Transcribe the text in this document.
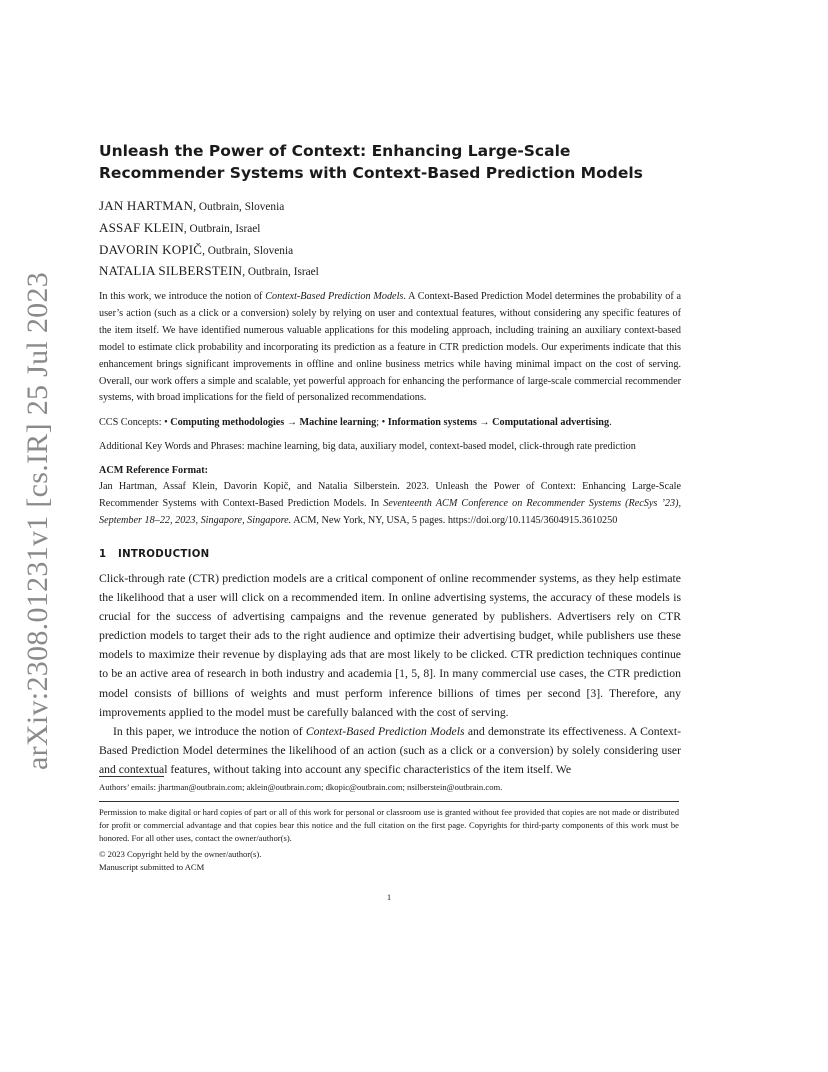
arXiv:2308.01231v1 [cs.IR] 25 Jul 2023
Unleash the Power of Context: Enhancing Large-Scale Recommender Systems with Context-Based Prediction Models
JAN HARTMAN, Outbrain, Slovenia
ASSAF KLEIN, Outbrain, Israel
DAVORIN KOPIČ, Outbrain, Slovenia
NATALIA SILBERSTEIN, Outbrain, Israel
In this work, we introduce the notion of Context-Based Prediction Models. A Context-Based Prediction Model determines the probability of a user’s action (such as a click or a conversion) solely by relying on user and contextual features, without considering any specific features of the item itself. We have identified numerous valuable applications for this modeling approach, including training an auxiliary context-based model to estimate click probability and incorporating its prediction as a feature in CTR prediction models. Our experiments indicate that this enhancement brings significant improvements in offline and online business metrics while having minimal impact on the cost of serving. Overall, our work offers a simple and scalable, yet powerful approach for enhancing the performance of large-scale commercial recommender systems, with broad implications for the field of personalized recommendations.
CCS Concepts: • Computing methodologies → Machine learning; • Information systems → Computational advertising.
Additional Key Words and Phrases: machine learning, big data, auxiliary model, context-based model, click-through rate prediction
ACM Reference Format:
Jan Hartman, Assaf Klein, Davorin Kopič, and Natalia Silberstein. 2023. Unleash the Power of Context: Enhancing Large-Scale Recommender Systems with Context-Based Prediction Models. In Seventeenth ACM Conference on Recommender Systems (RecSys ’23), September 18–22, 2023, Singapore, Singapore. ACM, New York, NY, USA, 5 pages. https://doi.org/10.1145/3604915.3610250
1 INTRODUCTION

Click-through rate (CTR) prediction models are a critical component of online recommender systems, as they help estimate the likelihood that a user will click on a recommended item. In online advertising systems, the accuracy of these models is crucial for the success of advertising campaigns and the revenue generated by publishers. Advertisers rely on CTR prediction models to target their ads to the right audience and optimize their advertising budget, while publishers use these models to maximize their revenue by displaying ads that are most likely to be clicked. CTR prediction techniques continue to be an active area of research in both industry and academia [1, 5, 8]. In many commercial use cases, the CTR prediction model consists of billions of weights and must perform inference billions of times per second [3]. Therefore, any improvements applied to the model must be carefully balanced with the cost of serving.

In this paper, we introduce the notion of Context-Based Prediction Models and demonstrate its effectiveness. A Context-Based Prediction Model determines the likelihood of an action (such as a click or a conversion) by solely considering user and contextual features, without taking into account any specific characteristics of the item itself. We

Authors’ emails: jhartman@outbrain.com; aklein@outbrain.com; dkopic@outbrain.com; nsilberstein@outbrain.com.
Permission to make digital or hard copies of part or all of this work for personal or classroom use is granted without fee provided that copies are not made or distributed for profit or commercial advantage and that copies bear this notice and the full citation on the first page. Copyrights for third-party components of this work must be honored. For all other uses, contact the owner/author(s).
© 2023 Copyright held by the owner/author(s).
Manuscript submitted to ACM
1
